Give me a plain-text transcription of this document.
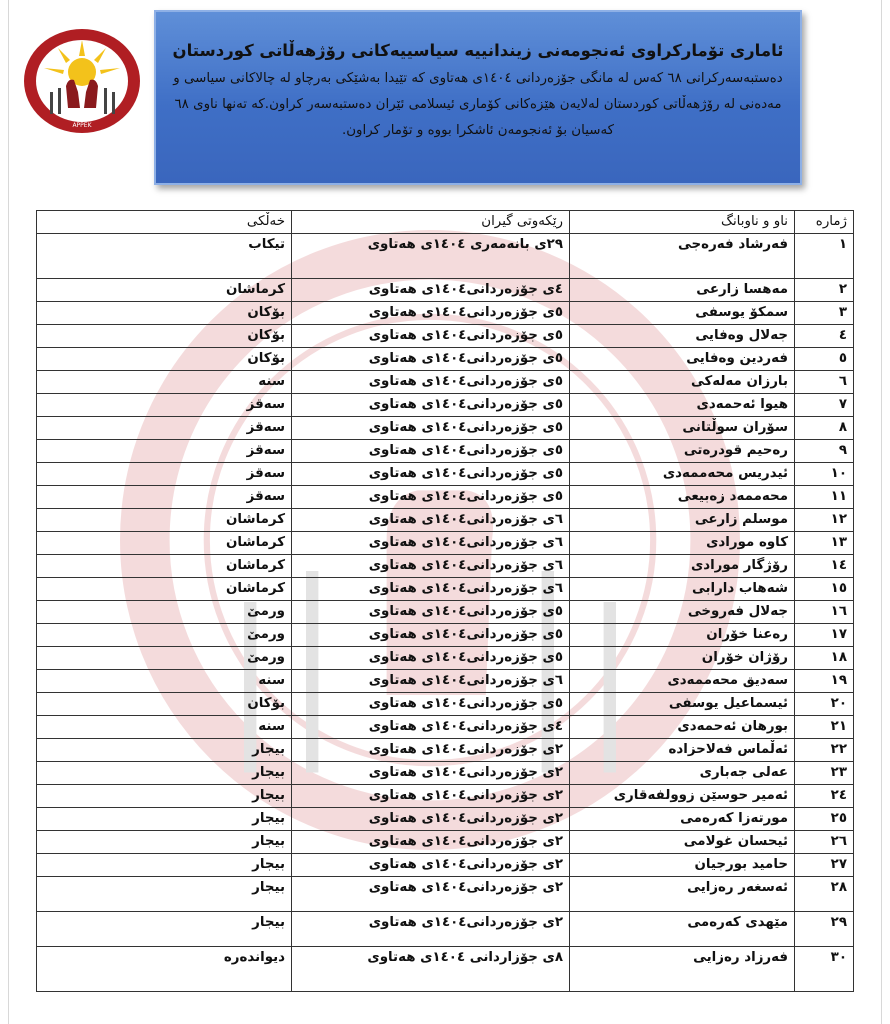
APPEK
ئاماری تۆمارکراوی ئەنجومەنی زیندانییە سیاسییەکانی رۆژهەڵاتی کوردستان
دەستبەسەرکرانی ٦٨ کەس لە مانگی جۆزەردانی ١٤٠٤ی هەتاوی کە تێیدا بەشێکی بەرچاو لە چالاکانی سیاسی و مەدەنی لە رۆژهەڵاتی کوردستان لەلایەن هێزەکانی کۆماری ئیسلامی ئێران دەستبەسەر کراون.کە تەنها ناوی ٦٨ کەسیان بۆ ئەنجومەن ئاشکرا بووە و تۆمار کراون.
ژمارە	ناو و ناوبانگ	رێکەوتی گیران	خەڵکی
١	فەرشاد فەرەجی	٢٩ی بانەمەری ١٤٠٤ی هەتاوی	تیکاب
٢	مەهسا زارعی	٤ی جۆزەردانی١٤٠٤ی هەتاوی	کرماشان
٣	سمکۆ یوسفی	٥ی جۆزەردانی١٤٠٤ی هەتاوی	بۆکان
٤	جەلال وەفایی	٥ی جۆزەردانی١٤٠٤ی هەتاوی	بۆکان
٥	فەردین وەفایی	٥ی جۆزەردانی١٤٠٤ی هەتاوی	بۆکان
٦	بارزان مەلەکی	٥ی جۆزەردانی١٤٠٤ی هەتاوی	سنە
٧	هیوا ئەحمەدی	٥ی جۆزەردانی١٤٠٤ی هەتاوی	سەقز
٨	سۆران سوڵتانی	٥ی جۆزەردانی١٤٠٤ی هەتاوی	سەقز
٩	رەحیم قودرەتی	٥ی جۆزەردانی١٤٠٤ی هەتاوی	سەقز
١٠	ئیدریس محەممەدی	٥ی جۆزەردانی١٤٠٤ی هەتاوی	سەقز
١١	محەممەد زەبیعی	٥ی جۆزەردانی١٤٠٤ی هەتاوی	سەقز
١٢	موسلم زارعی	٦ی جۆزەردانی١٤٠٤ی هەتاوی	کرماشان
١٣	کاوە مورادی	٦ی جۆزەردانی١٤٠٤ی هەتاوی	کرماشان
١٤	رۆژگار مورادی	٦ی جۆزەردانی١٤٠٤ی هەتاوی	کرماشان
١٥	شەهاب دارابی	٦ی جۆزەردانی١٤٠٤ی هەتاوی	کرماشان
١٦	جەلال فەروخی	٥ی جۆزەردانی١٤٠٤ی هەتاوی	ورمێ
١٧	رەعنا خۆران	٥ی جۆزەردانی١٤٠٤ی هەتاوی	ورمێ
١٨	رۆژان خۆران	٥ی جۆزەردانی١٤٠٤ی هەتاوی	ورمێ
١٩	سەدیق محەممەدی	٦ی جۆزەردانی١٤٠٤ی هەتاوی	سنە
٢٠	ئیسماعیل یوسفی	٥ی جۆزەردانی١٤٠٤ی هەتاوی	بۆکان
٢١	بورهان ئەحمەدی	٤ی جۆزەردانی١٤٠٤ی هەتاوی	سنە
٢٢	ئەڵماس فەلاحزادە	٢ی جۆزەردانی١٤٠٤ی هەتاوی	بیجار
٢٣	عەلی جەباری	٢ی جۆزەردانی١٤٠٤ی هەتاوی	بیجار
٢٤	ئەمیر حوسێن زوولفەقاری	٢ی جۆزەردانی١٤٠٤ی هەتاوی	بیجار
٢٥	مورتەزا کەرەمی	٢ی جۆزەردانی١٤٠٤ی هەتاوی	بیجار
٢٦	ئیحسان غولامی	٢ی جۆزەردانی١٤٠٤ی هەتاوی	بیجار
٢٧	حامید بورجیان	٢ی جۆزەردانی١٤٠٤ی هەتاوی	بیجار
٢٨	ئەسغەر رەزایی	٢ی جۆزەردانی١٤٠٤ی هەتاوی	بیجار
٢٩	مێهدی کەرەمی	٢ی جۆزەردانی١٤٠٤ی هەتاوی	بیجار
٣٠	فەرزاد رەزایی	٨ی جۆزاردانی ١٤٠٤ی هەتاوی	دیواندەرە
